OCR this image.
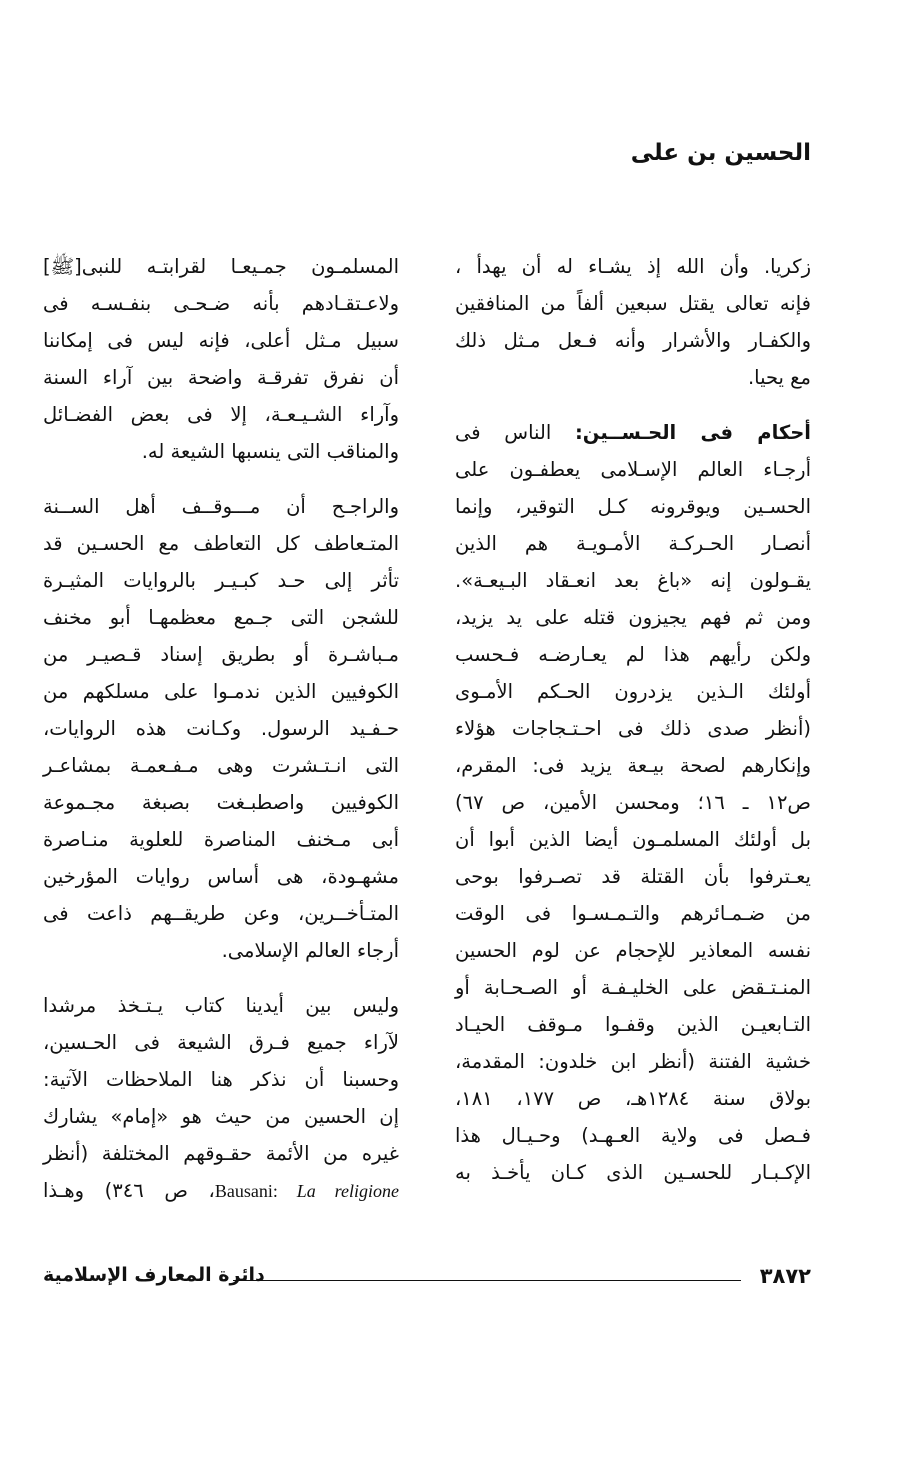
الحسين بن على

زكريا. وأن الله إذ يشـاء له أن يهدأ ،
فإنه تعالى يقتل سبعين ألفاً من المنافقين
والكفـار والأشرار وأنه فـعل مـثل ذلك
مع يحيا.

أحكام فى الحـســين: الناس فى
أرجـاء العالم الإسـلامى يعطفـون على
الحسـين ويوقرونه كـل التوقير، وإنما
أنصـار الحـركـة الأمـويـة هم الذين
يقـولون إنه «باغ بعد انعـقاد البـيعـة».
ومن ثم فهم يجيزون قتله على يد يزيد،
ولكن رأيهم هذا لم يعـارضـه فـحسب
أولئك الـذين يزدرون الحـكم الأمـوى
(أنظر صدى ذلك فى احـتـجاجات هؤلاء
وإنكارهم لصحة بيـعة يزيد فى: المقرم،
ص١٢ ـ ١٦؛ ومحسن الأمين، ص ٦٧)
بل أولئك المسلمـون أيضا الذين أبوا أن
يعـترفوا بأن القتلة قد تصـرفوا بوحى
من ضـمـائرهم والتـمـسـوا فى الوقت
نفسه المعاذير للإحجام عن لوم الحسين
المنـتـقض على الخليـفـة أو الصـحـابة أو
التـابعيـن الذين وقفـوا مـوقف الحيـاد
خشية الفتنة (أنظر ابن خلدون: المقدمة،
بولاق سنة ١٢٨٤هـ، ص ١٧٧، ١٨١،
فـصل فى ولاية العـهـد) وحـيـال هذا
الإكـبـار للحسـين الذى كـان يأخـذ به

المسلمـون جمـيعـا لقرابتـه للنبى[ﷺ]
ولاعـتقـادهم بأنه ضـحـى بنفـسـه فى
سبيل مـثل أعلى، فإنه ليس فى إمكاننا
أن نفرق تفرقـة واضحة بين آراء السنة
وآراء الشـيـعـة، إلا فى بعض الفضـائل
والمناقب التى ينسبها الشيعة له.

والراجـح أن مـــوقــف أهل الســنة
المتـعاطف كل التعاطف مع الحسـين قد
تأثر إلى حـد كبـيـر بالروايات المثيـرة
للشجن التى جـمع معظمهـا أبو مخنف
مـباشـرة أو بطريق إسناد قـصيـر من
الكوفيين الذين ندمـوا على مسلكهم من
حـفـيد الرسول. وكـانت هذه الروايات،
التى انـتـشرت وهى مـفـعمـة بمشاعـر
الكوفيين واصطبـغت بصبغة مجـموعة
أبى مـخنف المناصرة للعلوية منـاصرة
مشهـودة، هى أساس روايات المؤرخين
المتـأخــرين، وعن طريقــهم ذاعت فى
أرجاء العالم الإسلامى.

وليس بين أيدينا كتاب يـتـخذ مرشدا
لآراء جميع فـرق الشيعة فى الحـسين،
وحسبنا أن نذكر هنا الملاحظات الآتية:
إن الحسين من حيث هو «إمام» يشارك
غيره من الأئمة حقـوقهم المختلفة (أنظر
Bausani: La religione، ص ٣٤٦) وهـذا

٣٨٧٢
دائرة المعارف الإسلامية
